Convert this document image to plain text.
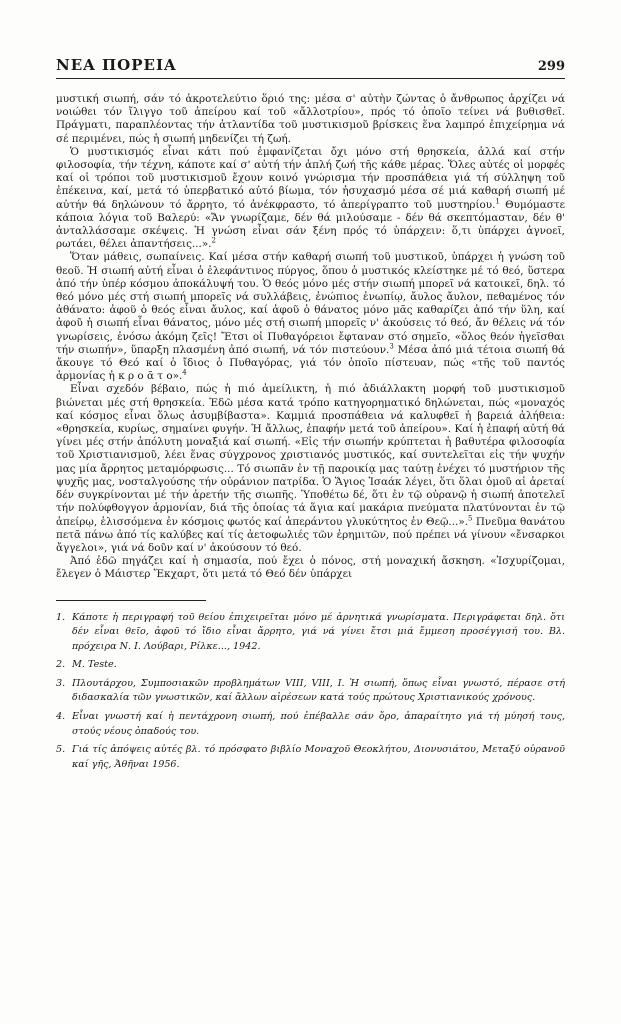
ΝΕΑ ΠΟΡΕΙΑ	299

μυστική σιωπή, σάν τό ἀκροτελεύτιο ὅριό της: μέσα σ' αὐτὴν ζώντας ὁ ἄνθρωπος ἀρχίζει νά νοιώθει τόν ἴλιγγο τοῦ ἀπείρου καί τοῦ «ἄλλοτρίου», πρός τό ὁποῖο τείνει νά βυθισθεῖ. Πράγματι, παραπλέοντας τήν ἀτλαντίδα τοῦ μυστικισμοῦ βρίσκεις ἕνα λαμπρό ἐπιχείρημα νά σέ περιμένει, πώς ἡ σιωπή μηδενίζει τή ζωή.

Ὁ μυστικισμός εἶναι κάτι πού ἐμφανίζεται ὄχι μόνο στή θρησκεία, ἀλλά καί στήν φιλοσοφία, τήν τέχνη, κάποτε καί σ' αὐτή τήν ἁπλή ζωή τῆς κάθε μέρας. Ὅλες αὐτές οἱ μορφές καί οἱ τρόποι τοῦ μυστικισμοῦ ἔχουν κοινό γνώρισμα τήν προσπάθεια γιά τή σύλληψη τοῦ ἐπέκεινα, καί, μετά τό ὑπερβατικό αὐτό βίωμα, τόν ἡσυχασμό μέσα σέ μιά καθαρή σιωπή μέ αὐτήν θά δηλώνουν τό ἄρρητο, τό ἀνέκφραστο, τό ἀπερίγραπτο τοῦ μυστηρίου.$^1$ Θυμόμαστε κάποια λόγια τοῦ Βαλερύ: «Ἄν γνωρίζαμε, δέν θά μιλούσαμε - δέν θά σκεπτόμασταν, δέν θ' ἀνταλλάσσαμε σκέψεις. Ἡ γνώση εἶναι σάν ξένη πρός τό ὑπάρχειν: ὅ,τι ὑπάρχει ἀγνοεῖ, ρωτάει, θέλει ἀπαντήσεις...».$^2$

Ὅταν μάθεις, σωπαίνεις. Καί μέσα στήν καθαρή σιωπή τοῦ μυστικοῦ, ὑπάρχει ἡ γνώση τοῦ θεοῦ. Ἡ σιωπή αὐτή εἶναι ὁ ἐλεφάντινος πύργος, ὅπου ὁ μυστικός κλείστηκε μέ τό θεό, ὕστερα ἀπό τήν ὑπέρ κόσμου ἀποκάλυψή του. Ὁ θεός μόνο μές στήν σιωπή μπορεῖ νά κατοικεῖ, δηλ. τό θεό μόνο μές στή σιωπή μπορεῖς νά συλλάβεις, ἐνώπιος ἐνωπίῳ, ἄυλος ἄυλον, πεθαμένος τόν ἀθάνατο: ἀφοῦ ὁ θεός εἶναι ἄυλος, καί ἀφοῦ ὁ θάνατος μόνο μᾶς καθαρίζει ἀπό τήν ὕλη, καί ἀφοῦ ἡ σιωπή εἶναι θάνατος, μόνο μές στή σιωπή μπορεῖς ν' ἀκούσεις τό θεό, ἄν θέλεις νά τόν γνωρίσεις, ἐνόσω ἀκόμη ζεῖς! Ἔτσι οἱ Πυθαγόρειοι ἔφταναν στό σημεῖο, «ὅλος θεόν ἡγεῖσθαι τήν σιωπήν», ὕπαρξη πλασμένη ἀπό σιωπή, νά τόν πιστεύουν.$^3$ Μέσα ἀπό μιά τέτοια σιωπή θά ἄκουγε τό Θεό καί ὁ ἴδιος ὁ Πυθαγόρας, γιά τόν ὁποῖο πίστευαν, πώς «τῆς τοῦ παντός ἁρμονίας ἠ κ ρ ο ᾶ τ ο».$^4$

Εἶναι σχεδόν βέβαιο, πώς ἡ πιό ἀμείλικτη, ἡ πιό ἀδιάλλακτη μορφή τοῦ μυστικισμοῦ βιώνεται μές στή θρησκεία. Ἐδῶ μέσα κατά τρόπο κατηγορηματικό δηλώνεται, πώς «μοναχός καί κόσμος εἶναι ὅλως ἀσυμβίβαστα». Καμμιά προσπάθεια νά καλυφθεῖ ἡ βαρειά ἀλήθεια: «θρησκεία, κυρίως, σημαίνει φυγήν. Ἡ ἄλλως, ἐπαφήν μετά τοῦ ἀπείρου». Καί ἡ ἐπαφή αὐτή θά γίνει μές στήν ἀπόλυτη μοναξιά καί σιωπή. «Εἰς τήν σιωπήν κρύπτεται ἡ βαθυτέρα φιλοσοφία τοῦ Χριστιανισμοῦ, λέει ἕνας σύγχρονος χριστιανός μυστικός, καί συντελεῖται εἰς τήν ψυχήν μας μία ἄρρητος μεταμόρφωσις... Τό σιωπᾶν ἐν τῇ παροικίᾳ μας ταύτῃ ἐνέχει τό μυστήριον τῆς ψυχῆς μας, νοσταλγούσης τήν οὐράνιον πατρίδα. Ὁ Ἅγιος Ἰσαάκ λέγει, ὅτι ὅλαι ὁμοῦ αἱ ἀρεταί δέν συγκρίνονται μέ τήν ἀρετήν τῆς σιωπῆς. Ὑποθέτω δέ, ὅτι ἐν τῷ οὐρανῷ ἡ σιωπή ἀποτελεῖ τήν πολύφθογγον ἁρμονίαν, διά τῆς ὁποίας τά ἅγια καί μακάρια πνεύματα πλατύνονται ἐν τῷ ἀπείρῳ, ἑλισσόμενα ἐν κόσμοις φωτός καί ἀπεράντου γλυκύτητος ἐν Θεῷ...».$^5$ Πνεῦμα θανάτου πετᾶ πάνω ἀπό τίς καλύβες καί τίς ἀετοφωλιές τῶν ἐρημιτῶν, πού πρέπει νά γίνουν «ἔνσαρκοι ἄγγελοι», γιά νά δοῦν καί ν' ἀκούσουν τό θεό.

Ἀπό ἐδῶ πηγάζει καί ἡ σημασία, πού ἔχει ὁ πόνος, στή μοναχική ἄσκηση. «Ἰσχυρίζομαι, ἔλεγεν ὁ Μάιστερ Ἔκχαρτ, ὅτι μετά τό Θεό δέν ὑπάρχει

1. Κάποτε ἡ περιγραφή τοῦ θείου ἐπιχειρεῖται μόνο μέ ἀρνητικά γνωρίσματα. Περιγράφεται δηλ. ὅτι δέν εἶναι θεῖο, ἀφοῦ τό ἴδιο εἶναι ἄρρητο, γιά νά γίνει ἔτσι μιά ἔμμεση προσέγγισή του. Βλ. πρόχειρα Ν. Ι. Λούβαρι, Ρίλκε..., 1942.
2. M. Teste.
3. Πλουτάρχου, Συμποσιακῶν προβλημάτων VIII, VIII, I. Ἡ σιωπή, ὅπως εἶναι γνωστό, πέρασε στή διδασκαλία τῶν γνωστικῶν, καί ἄλλων αἱρέσεων κατά τούς πρώτους Χριστιανικούς χρόνους.
4. Εἶναι γνωστή καί ἡ πεντάχρονη σιωπή, πού ἐπέβαλλε σάν ὅρο, ἀπαραίτητο γιά τή μύησή τους, στούς νέους ὀπαδούς του.
5. Γιά τίς ἀπόψεις αὐτές βλ. τό πρόσφατο βιβλίο Μοναχοῦ Θεοκλήτου, Διονυσιάτου, Μεταξύ οὐρανοῦ καί γῆς, Ἀθῆναι 1956.
